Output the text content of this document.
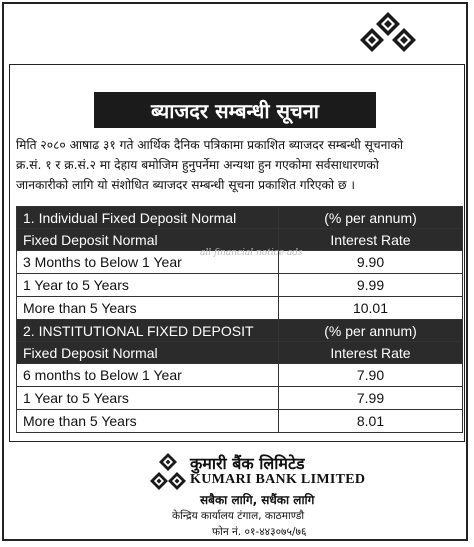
ब्याजदर सम्बन्धी सूचना
मिति २०८० आषाढ ३१ गते आर्थिक दैनिक पत्रिकामा प्रकाशित ब्याजदर सम्बन्धी सूचनाको
क्र.सं. १ र क्र.सं.२ मा देहाय बमोजिम हुनुपर्नेमा अन्यथा हुन गएकोमा सर्वसाधारणको
जानकारीको लागि यो संशोधित ब्याजदर सम्बन्धी सूचना प्रकाशित गरिएको छ ।
1. Individual Fixed Deposit Normal	(% per annum)
Fixed Deposit Normal	Interest Rate
3 Months to Below 1 Year	9.90
1 Year to 5 Years	9.99
More than 5 Years	10.01
2. INSTITUTIONAL FIXED DEPOSIT	(% per annum)
Fixed Deposit Normal	Interest Rate
6 months to Below 1 Year	7.90
1 Year to 5 Years	7.99
More than 5 Years	8.01
all financial notice ads
कुमारी बैंक लिमिटेड
KUMARI BANK LIMITED
सबैका लागि, सधैंका लागि
केन्द्रिय कार्यालय टंगाल, काठमाण्डौ
फोन नं. ०१-४४३०७५/७६
